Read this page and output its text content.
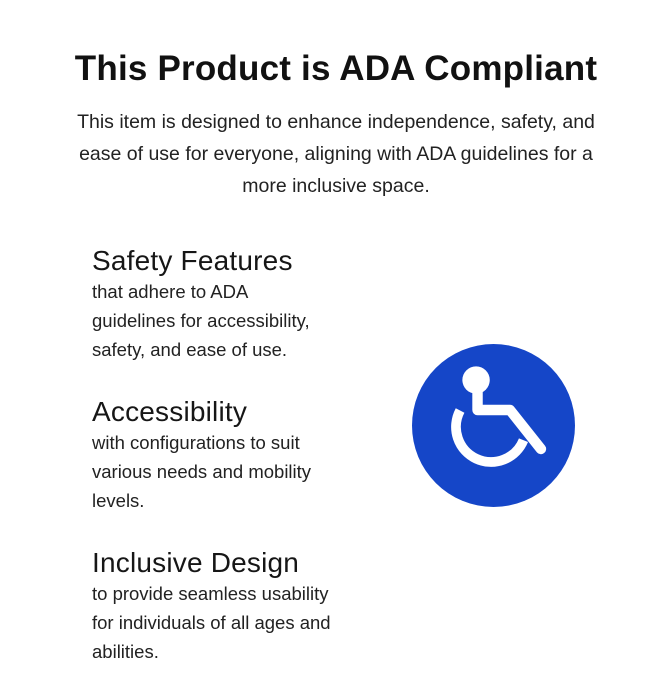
This Product is ADA Compliant
This item is designed to enhance independence, safety, and
ease of use for everyone, aligning with ADA guidelines for a
more inclusive space.
Safety Features
that adhere to ADA
guidelines for accessibility,
safety, and ease of use.
Accessibility
with configurations to suit
various needs and mobility
levels.
Inclusive Design
to provide seamless usability
for individuals of all ages and
abilities.
